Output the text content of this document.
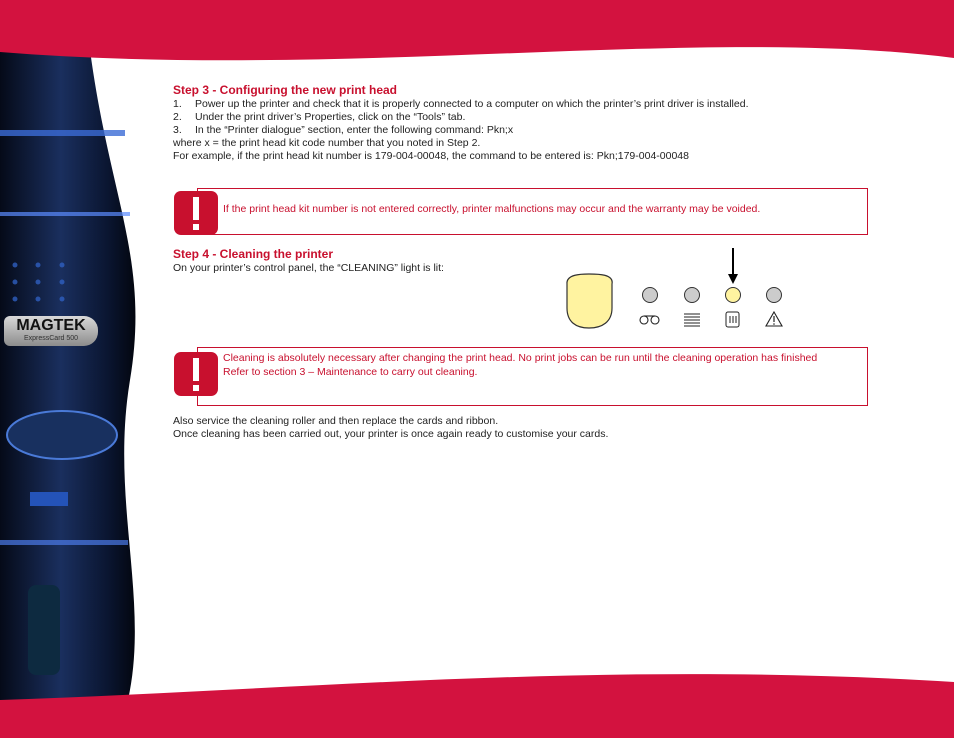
MAGTEK
ExpressCard 500
Step 3 - Configuring the new print head
1.	Power up the printer and check that it is properly connected to a computer on which the printer’s print driver is installed.
2.	Under the print driver’s Properties, click on the “Tools” tab.
3.	In the “Printer dialogue” section, enter the following command: Pkn;x
where x = the print head kit code number that you noted in Step 2.
For example, if the print head kit number is 179-004-00048, the command to be entered is: Pkn;179-004-00048
Step 4 - Cleaning the printer
On your printer’s control panel, the “CLEANING” light is lit:
Also service the cleaning roller and then replace the cards and ribbon.
Once cleaning has been carried out, your printer is once again ready to customise your cards.
If the print head kit number is not entered correctly, printer malfunctions may occur and the warranty may be voided.
Cleaning is absolutely necessary after changing the print head. No print jobs can be run until the cleaning operation has finished
Refer to section 3 – Maintenance to carry out cleaning.
